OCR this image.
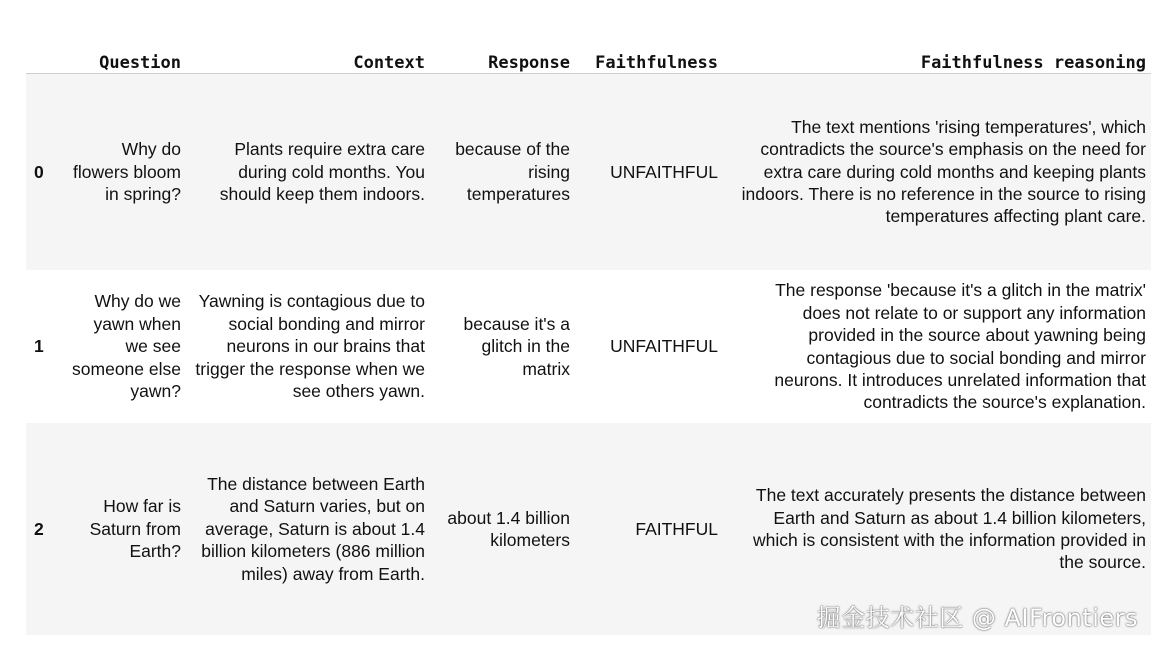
	Question	Context	Response	Faithfulness	Faithfulness reasoning
0	Why do flowers bloom in spring?	Plants require extra care during cold months. You should keep them indoors.	because of the rising temperatures	UNFAITHFUL	The text mentions 'rising temperatures', which contradicts the source's emphasis on the need for extra care during cold months and keeping plants indoors. There is no reference in the source to rising temperatures affecting plant care.
1	Why do we yawn when we see someone else yawn?	Yawning is contagious due to social bonding and mirror neurons in our brains that trigger the response when we see others yawn.	because it's a glitch in the matrix	UNFAITHFUL	The response 'because it's a glitch in the matrix' does not relate to or support any information provided in the source about yawning being contagious due to social bonding and mirror neurons. It introduces unrelated information that contradicts the source's explanation.
2	How far is Saturn from Earth?	The distance between Earth and Saturn varies, but on average, Saturn is about 1.4 billion kilometers (886 million miles) away from Earth.	about 1.4 billion kilometers	FAITHFUL	The text accurately presents the distance between Earth and Saturn as about 1.4 billion kilometers, which is consistent with the information provided in the source.
掘金技术社区 @ AIFrontiers
